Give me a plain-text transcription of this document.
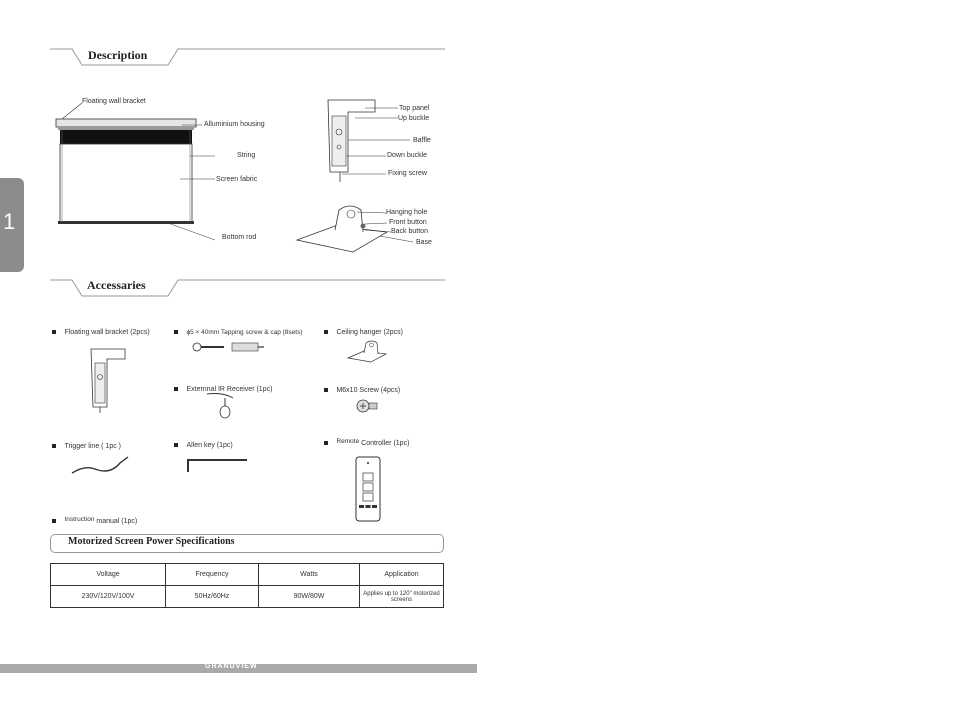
1
Description
Floating wall bracket
Alluminium housing
String
Screen fabric
Bottom rod
Top panel
Up buckle
Baffle
Down buckle
Fixing screw
Hanging hole
Front button
Back button
Base
Accessaries
Floating wall bracket (2pcs)
Trigger line ( 1pc )
Instruction manual (1pc)
ϕ5 × 40mm Tapping screw & cap (8sets)
Externnal IR Receiver (1pc)
Allen key (1pc)
Ceiling hanger (2pcs)
M6x10 Screw (4pcs)
Remote Controller (1pc)
Motorized Screen Power Specifications
Voltage	Frequency	Watts	Application
230V/120V/100V	50Hz/60Hz	90W/80W	Applies up to 120" motorized screens
GRANDVIEW
